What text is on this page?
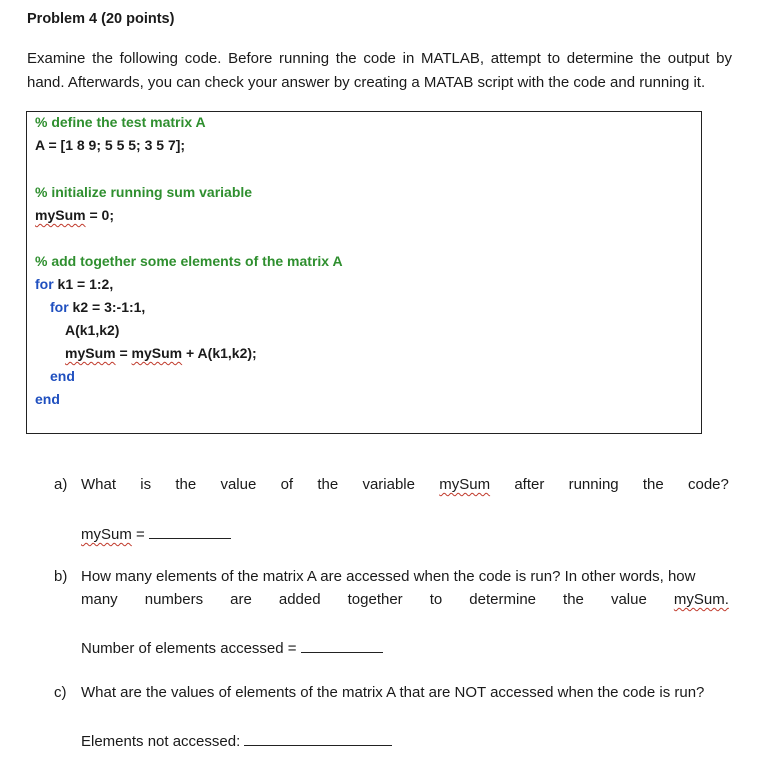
Problem 4 (20 points)
Examine the following code. Before running the code in MATLAB, attempt to determine the output by hand. Afterwards, you can check your answer by creating a MATAB script with the code and running it.
% define the test matrix A
A = [1 8 9; 5 5 5; 3 5 7];
% initialize running sum variable
mySum = 0;
% add together some elements of the matrix A
for k1 = 1:2,
for k2 = 3:-1:1,
A(k1,k2)
mySum = mySum + A(k1,k2);
end
end
a) What is the value of the variable mySum after running the code?
mySum =
b) How many elements of the matrix A are accessed when the code is run? In other words, how
many numbers are added together to determine the value mySum.
Number of elements accessed =
c) What are the values of elements of the matrix A that are NOT accessed when the code is run?
Elements not accessed:
